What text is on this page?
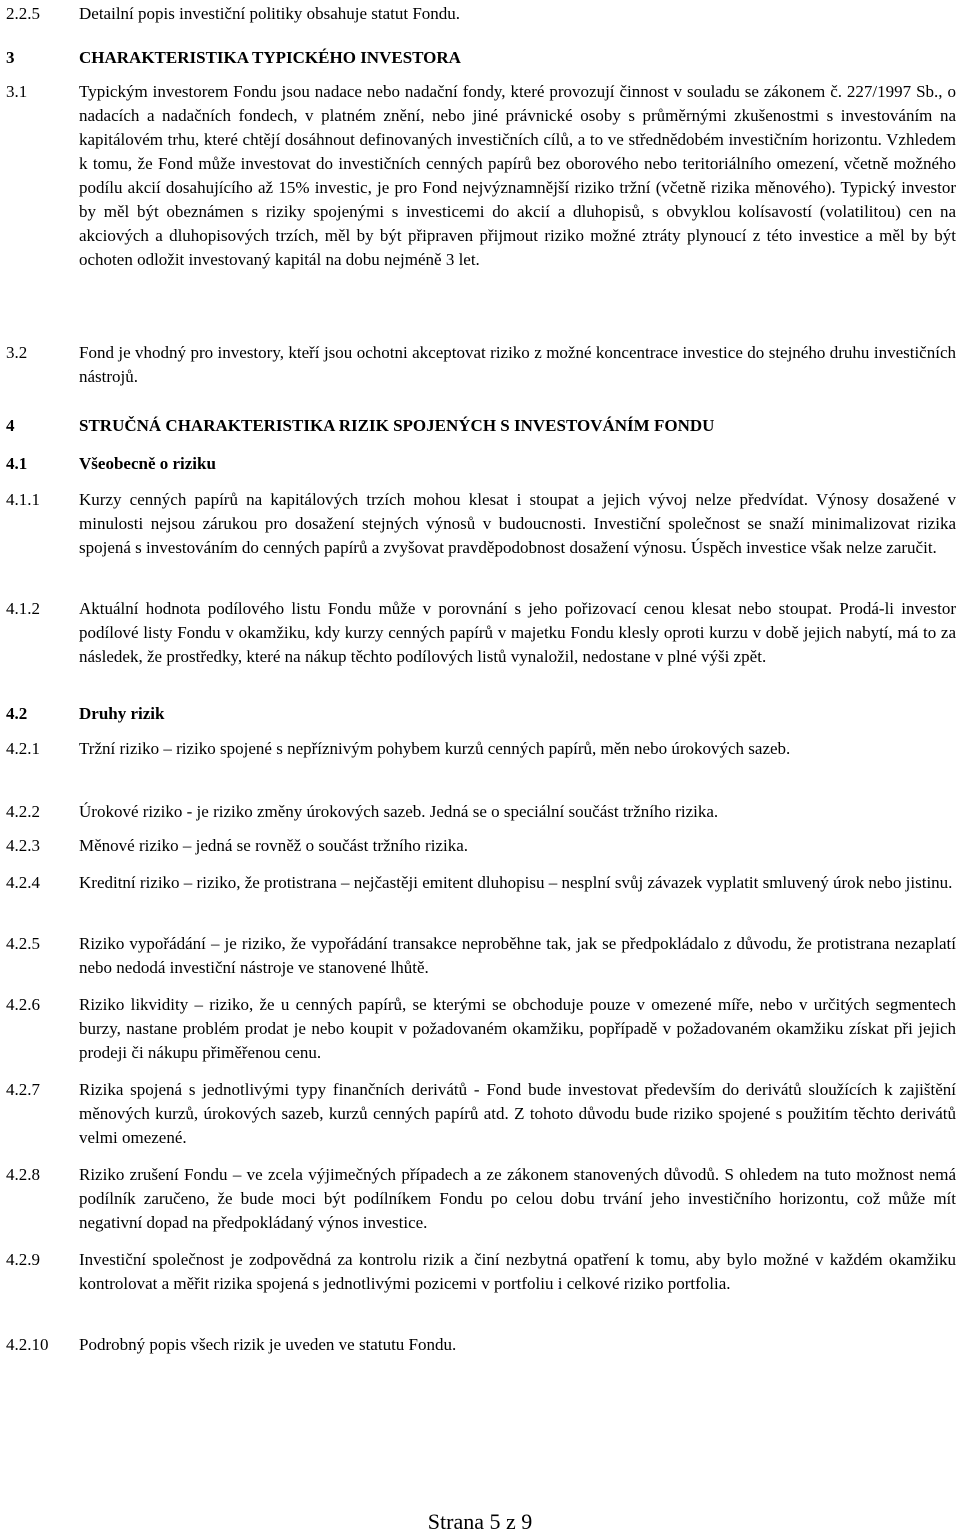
2.2.5	Detailní popis investiční politiky obsahuje statut Fondu.
3	CHARAKTERISTIKA TYPICKÉHO INVESTORA
3.1	Typickým investorem Fondu jsou nadace nebo nadační fondy, které provozují činnost v souladu se zákonem č. 227/1997 Sb., o nadacích a nadačních fondech, v platném znění, nebo jiné právnické osoby s průměrnými zkušenostmi s investováním na kapitálovém trhu, které chtějí dosáhnout definovaných investičních cílů, a to ve střednědobém investičním horizontu. Vzhledem k tomu, že Fond může investovat do investičních cenných papírů bez oborového nebo teritoriálního omezení, včetně možného podílu akcií dosahujícího až 15% investic, je pro Fond nejvýznamnější riziko tržní (včetně rizika měnového). Typický investor by měl být obeznámen s riziky spojenými s investicemi do akcií a dluhopisů, s obvyklou kolísavostí (volatilitou) cen na akciových a dluhopisových trzích, měl by být připraven přijmout riziko možné ztráty plynoucí z této investice a měl by být ochoten odložit investovaný kapitál na dobu nejméně 3 let.
3.2	Fond je vhodný pro investory, kteří jsou ochotni akceptovat riziko z možné koncentrace investice do stejného druhu investičních nástrojů.
4	STRUČNÁ CHARAKTERISTIKA RIZIK SPOJENÝCH S INVESTOVÁNÍM FONDU
4.1	Všeobecně o riziku
4.1.1	Kurzy cenných papírů na kapitálových trzích mohou klesat i stoupat a jejich vývoj nelze předvídat. Výnosy dosažené v minulosti nejsou zárukou pro dosažení stejných výnosů v budoucnosti. Investiční společnost se snaží minimalizovat rizika spojená s investováním do cenných papírů a zvyšovat pravděpodobnost dosažení výnosu. Úspěch investice však nelze zaručit.
4.1.2	Aktuální hodnota podílového listu Fondu může v porovnání s jeho pořizovací cenou klesat nebo stoupat. Prodá-li investor podílové listy Fondu v okamžiku, kdy kurzy cenných papírů v majetku Fondu klesly oproti kurzu v době jejich nabytí, má to za následek, že prostředky, které na nákup těchto podílových listů vynaložil, nedostane v plné výši zpět.
4.2	Druhy rizik
4.2.1	Tržní riziko – riziko spojené s nepříznivým pohybem kurzů cenných papírů, měn nebo úrokových sazeb.
4.2.2	Úrokové riziko - je riziko změny úrokových sazeb. Jedná se o speciální součást tržního rizika.
4.2.3	Měnové riziko – jedná se rovněž o součást tržního rizika.
4.2.4	Kreditní riziko – riziko, že protistrana – nejčastěji emitent dluhopisu – nesplní svůj závazek vyplatit smluvený úrok nebo jistinu.
4.2.5	Riziko vypořádání – je riziko, že vypořádání transakce neproběhne tak, jak se předpokládalo z důvodu, že protistrana nezaplatí nebo nedodá investiční nástroje ve stanovené lhůtě.
4.2.6	Riziko likvidity – riziko, že u cenných papírů, se kterými se obchoduje pouze v omezené míře, nebo v určitých segmentech burzy, nastane problém prodat je nebo koupit v požadovaném okamžiku, popřípadě v požadovaném okamžiku získat při jejich prodeji či nákupu přiměřenou cenu.
4.2.7	Rizika spojená s jednotlivými typy finančních derivátů - Fond bude investovat především do derivátů sloužících k zajištění měnových kurzů, úrokových sazeb, kurzů cenných papírů atd. Z tohoto důvodu bude riziko spojené s použitím těchto derivátů velmi omezené.
4.2.8	Riziko zrušení Fondu – ve zcela výjimečných případech a ze zákonem stanovených důvodů. S ohledem na tuto možnost nemá podílník zaručeno, že bude moci být podílníkem Fondu po celou dobu trvání jeho investičního horizontu, což může mít negativní dopad na předpokládaný výnos investice.
4.2.9	Investiční společnost je zodpovědná za kontrolu rizik a činí nezbytná opatření k tomu, aby bylo možné v každém okamžiku kontrolovat a měřit rizika spojená s jednotlivými pozicemi v portfoliu i celkové riziko portfolia.
4.2.10	Podrobný popis všech rizik je uveden ve statutu Fondu.
Strana 5 z 9
